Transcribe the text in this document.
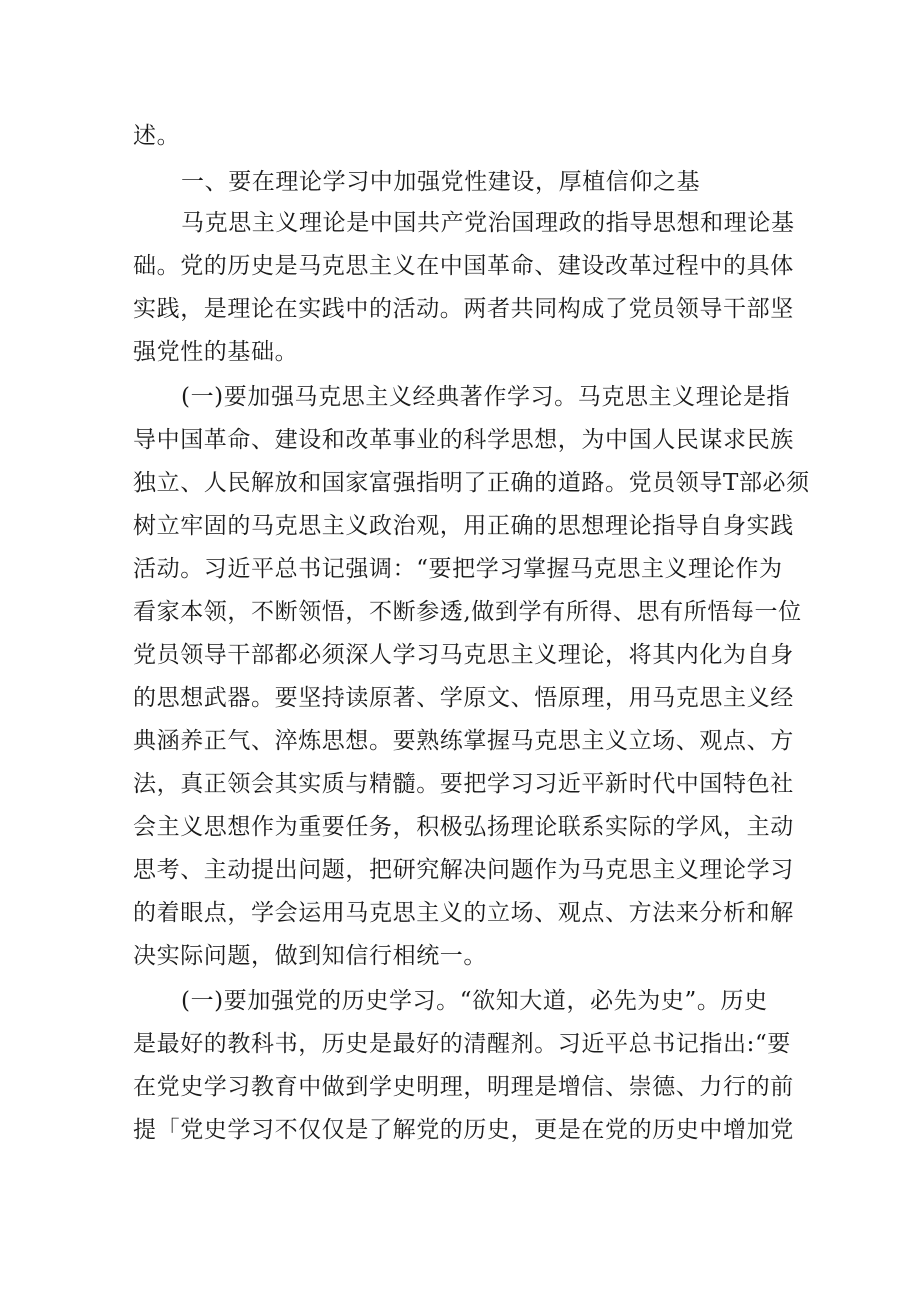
述。
一、要在理论学习中加强党性建设，厚植信仰之基
马克思主义理论是中国共产党治国理政的指导思想和理论基
础。党的历史是马克思主义在中国革命、建设改革过程中的具体
实践，是理论在实践中的活动。两者共同构成了党员领导干部坚
强党性的基础。
(一)要加强马克思主义经典著作学习。马克思主义理论是指
导中国革命、建设和改革事业的科学思想，为中国人民谋求民族
独立、人民解放和国家富强指明了正确的道路。党员领导T部必须
树立牢固的马克思主义政治观，用正确的思想理论指导自身实践
活动。习近平总书记强调：“要把学习掌握马克思主义理论作为
看家本领，不断领悟，不断参透,做到学有所得、思有所悟每一位
党员领导干部都必须深人学习马克思主义理论，将其内化为自身
的思想武器。要坚持读原著、学原文、悟原理，用马克思主义经
典涵养正气、淬炼思想。要熟练掌握马克思主义立场、观点、方
法，真正领会其实质与精髓。要把学习习近平新时代中国特色社
会主义思想作为重要任务，积极弘扬理论联系实际的学风，主动
思考、主动提出问题，把研究解决问题作为马克思主义理论学习
的着眼点，学会运用马克思主义的立场、观点、方法来分析和解
决实际问题，做到知信行相统一。
(一)要加强党的历史学习。“欲知大道，必先为史”。历史
是最好的教科书，历史是最好的清醒剂。习近平总书记指出:“要
在党史学习教育中做到学史明理，明理是增信、崇德、力行的前
提「党史学习不仅仅是了解党的历史，更是在党的历史中增加党
